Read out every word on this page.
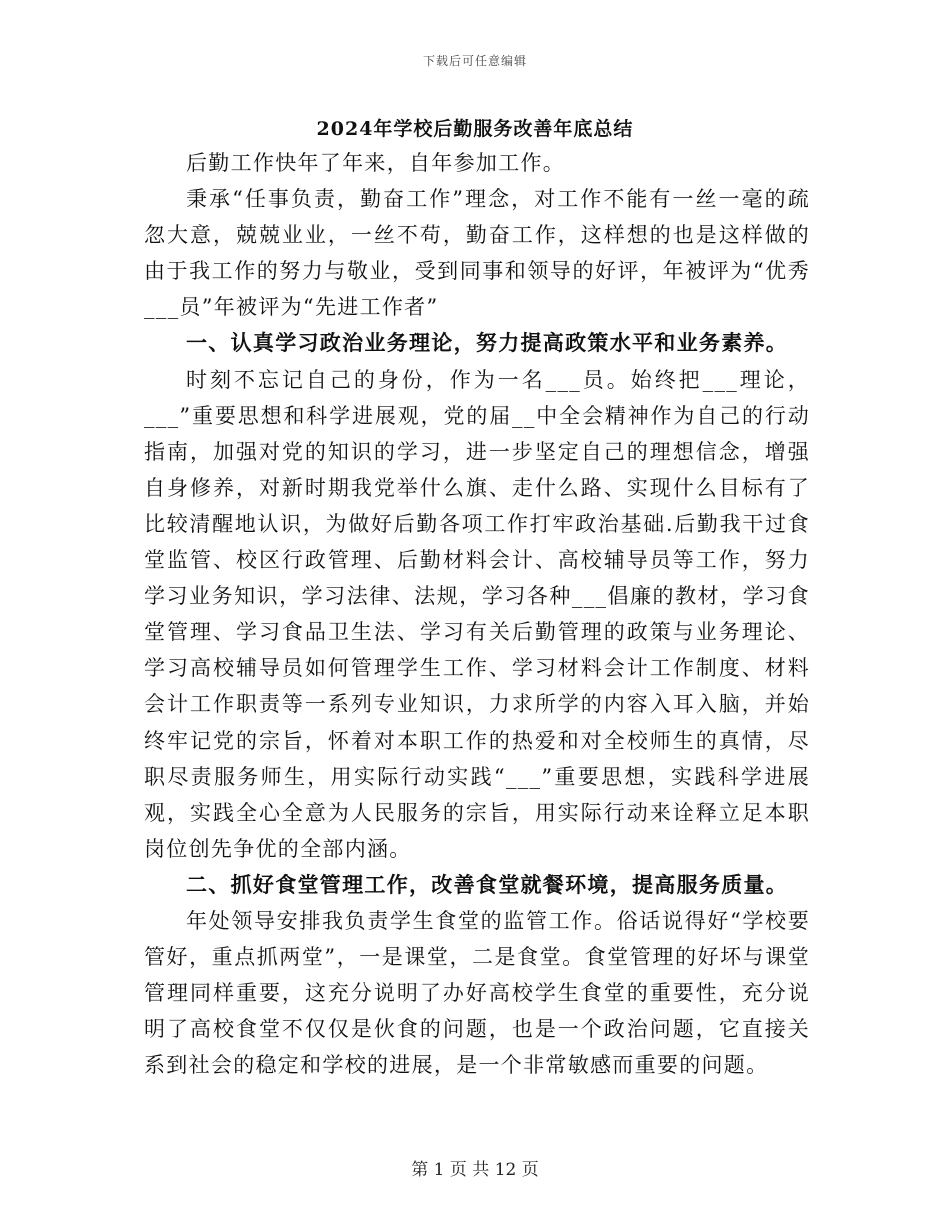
下载后可任意编辑
2024年学校后勤服务改善年底总结

后勤工作快年了年来，自年参加工作。

秉承“任事负责，勤奋工作”理念，对工作不能有一丝一毫的疏忽大意，兢兢业业，一丝不苟，勤奋工作，这样想的也是这样做的由于我工作的努力与敬业，受到同事和领导的好评，年被评为“优秀___员”年被评为“先进工作者”

一、认真学习政治业务理论，努力提高政策水平和业务素养。

时刻不忘记自己的身份，作为一名___员。始终把___理论，___”重要思想和科学进展观，党的届__中全会精神作为自己的行动指南，加强对党的知识的学习，进一步坚定自己的理想信念，增强自身修养，对新时期我党举什么旗、走什么路、实现什么目标有了比较清醒地认识，为做好后勤各项工作打牢政治基础.后勤我干过食堂监管、校区行政管理、后勤材料会计、高校辅导员等工作，努力学习业务知识，学习法律、法规，学习各种___倡廉的教材，学习食堂管理、学习食品卫生法、学习有关后勤管理的政策与业务理论、学习高校辅导员如何管理学生工作、学习材料会计工作制度、材料会计工作职责等一系列专业知识，力求所学的内容入耳入脑，并始终牢记党的宗旨，怀着对本职工作的热爱和对全校师生的真情，尽职尽责服务师生，用实际行动实践“___”重要思想，实践科学进展观，实践全心全意为人民服务的宗旨，用实际行动来诠释立足本职岗位创先争优的全部内涵。

二、抓好食堂管理工作，改善食堂就餐环境，提高服务质量。

年处领导安排我负责学生食堂的监管工作。俗话说得好“学校要管好，重点抓两堂”，一是课堂，二是食堂。食堂管理的好坏与课堂管理同样重要，这充分说明了办好高校学生食堂的重要性，充分说明了高校食堂不仅仅是伙食的问题，也是一个政治问题，它直接关系到社会的稳定和学校的进展，是一个非常敏感而重要的问题。

第 1 页 共 12 页
